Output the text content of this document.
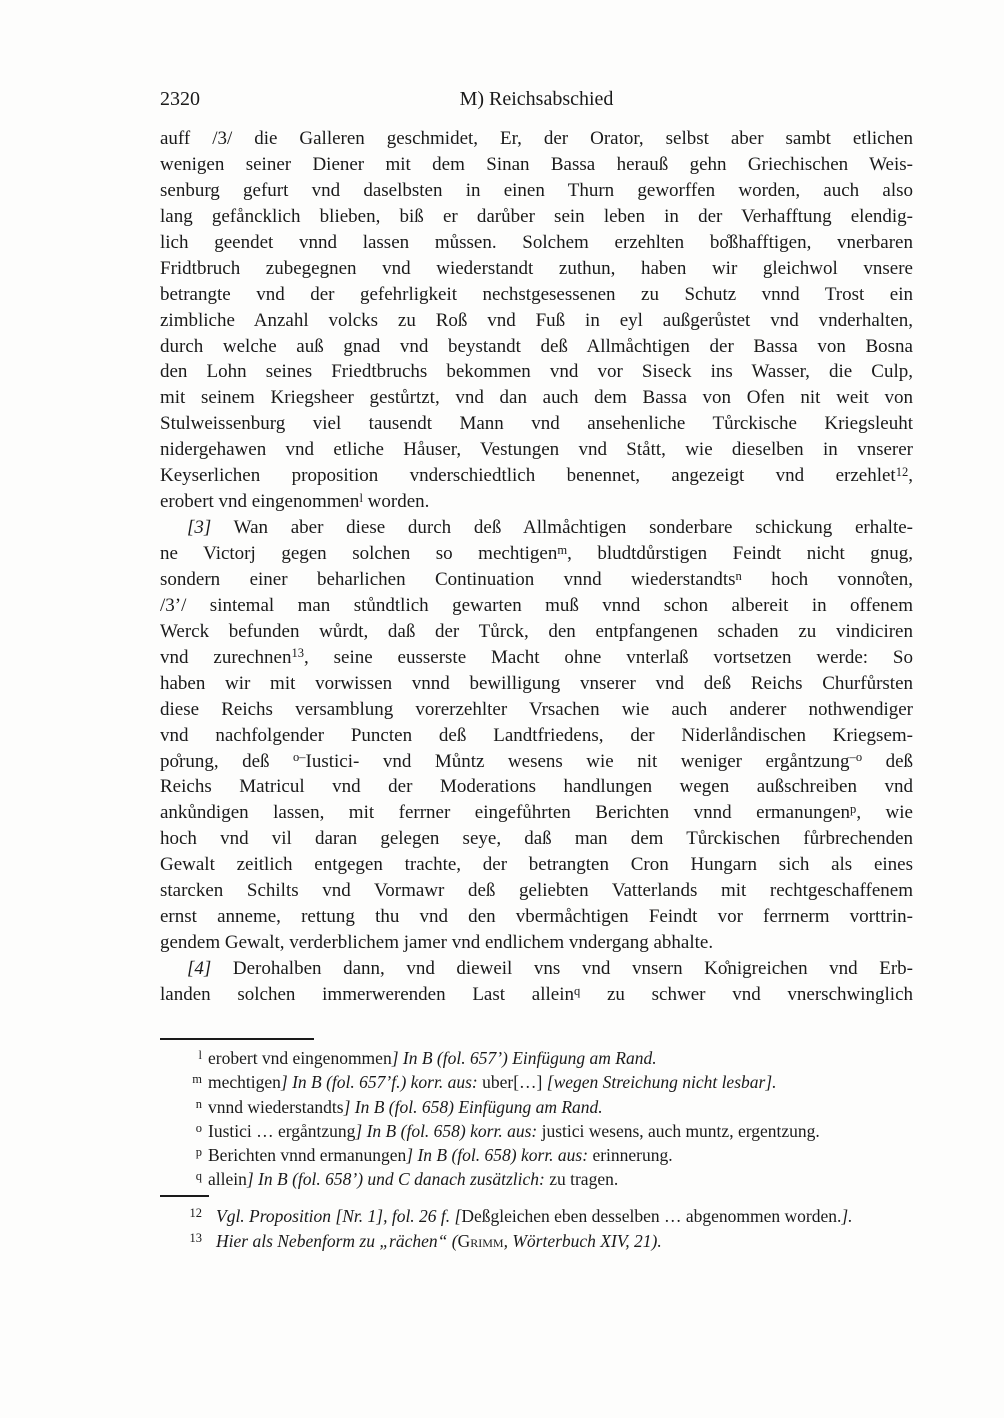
2320	M) Reichsabschied
auff /3/ die Galleren geschmidet, Er, der Orator, selbst aber sambt etlichen
wenigen seiner Diener mit dem Sinan Bassa herauß gehn Griechischen Weis-
senburg gefurt vnd daselbsten in einen Thurn geworffen worden, auch also
lang gefåncklich blieben, biß er darůber sein leben in der Verhafftung elendig-
lich geendet vnnd lassen můssen. Solchem erzehlten bo̊ßhafftigen, vnerbaren
Fridtbruch zubegegnen vnd wiederstandt zuthun, haben wir gleichwol vnsere
betrangte vnd der gefehrligkeit nechstgesessenen zu Schutz vnnd Trost ein
zimbliche Anzahl volcks zu Roß vnd Fuß in eyl außgerůstet vnd vnderhalten,
durch welche auß gnad vnd beystandt deß Allmåchtigen der Bassa von Bosna
den Lohn seines Friedtbruchs bekommen vnd vor Siseck ins Wasser, die Culp,
mit seinem Kriegsheer gestůrtzt, vnd dan auch dem Bassa von Ofen nit weit von
Stulweissenburg viel tausendt Mann vnd ansehenliche Tůrckische Kriegsleuht
nidergehawen vnd etliche Håuser, Vestungen vnd Stått, wie dieselben in vnserer
Keyserlichen proposition vnderschiedtlich benennet, angezeigt vnd erzehlet$^{12}$,
erobert vnd eingenommen$^l$ worden.
[3] Wan aber diese durch deß Allmåchtigen sonderbare schickung erhalte-
ne Victorj gegen solchen so mechtigen$^m$, bludtdůrstigen Feindt nicht gnug,
sondern einer beharlichen Continuation vnnd wiederstandts$^n$ hoch vonno̊ten,
/3’/ sintemal man stůndtlich gewarten muß vnnd schon albereit in offenem
Werck befunden wůrdt, daß der Tůrck, den entpfangenen schaden zu vindiciren
vnd zurechnen$^{13}$, seine eusserste Macht ohne vnterlaß vortsetzen werde: So
haben wir mit vorwissen vnnd bewilligung vnserer vnd deß Reichs Churfůrsten
diese Reichs versamblung vorerzehlter Vrsachen wie auch anderer nothwendiger
vnd nachfolgender Puncten deß Landtfriedens, der Niderlåndischen Kriegsem-
po̊rung, deß $^{o-}$Iustici- vnd Můntz wesens wie nit weniger ergåntzung$^{-o}$ deß
Reichs Matricul vnd der Moderations handlungen wegen außschreiben vnd
ankůndigen lassen, mit ferrner eingefůhrten Berichten vnnd ermanungen$^p$, wie
hoch vnd vil daran gelegen seye, daß man dem Tůrckischen fůrbrechenden
Gewalt zeitlich entgegen trachte, der betrangten Cron Hungarn sich als eines
starcken Schilts vnd Vormawr deß geliebten Vatterlands mit rechtgeschaffenem
ernst anneme, rettung thu vnd den vbermåchtigen Feindt vor ferrnerm vorttrin-
gendem Gewalt, verderblichem jamer vnd endlichem vndergang abhalte.
[4] Derohalben dann, vnd dieweil vns vnd vnsern Ko̊nigreichen vnd Erb-
landen solchen immerwerenden Last allein$^q$ zu schwer vnd vnerschwinglich
l erobert vnd eingenommen] In B (fol. 657’) Einfügung am Rand.
m mechtigen] In B (fol. 657’f.) korr. aus: uber[…] [wegen Streichung nicht lesbar].
n vnnd wiederstandts] In B (fol. 658) Einfügung am Rand.
o Iustici … ergåntzung] In B (fol. 658) korr. aus: justici wesens, auch muntz, ergentzung.
p Berichten vnnd ermanungen] In B (fol. 658) korr. aus: erinnerung.
q allein] In B (fol. 658’) und C danach zusätzlich: zu tragen.
12 Vgl. Proposition [Nr. 1], fol. 26 f. [Deßgleichen eben desselben … abgenommen worden.].
13 Hier als Nebenform zu „rächen“ (Grimm, Wörterbuch XIV, 21).
